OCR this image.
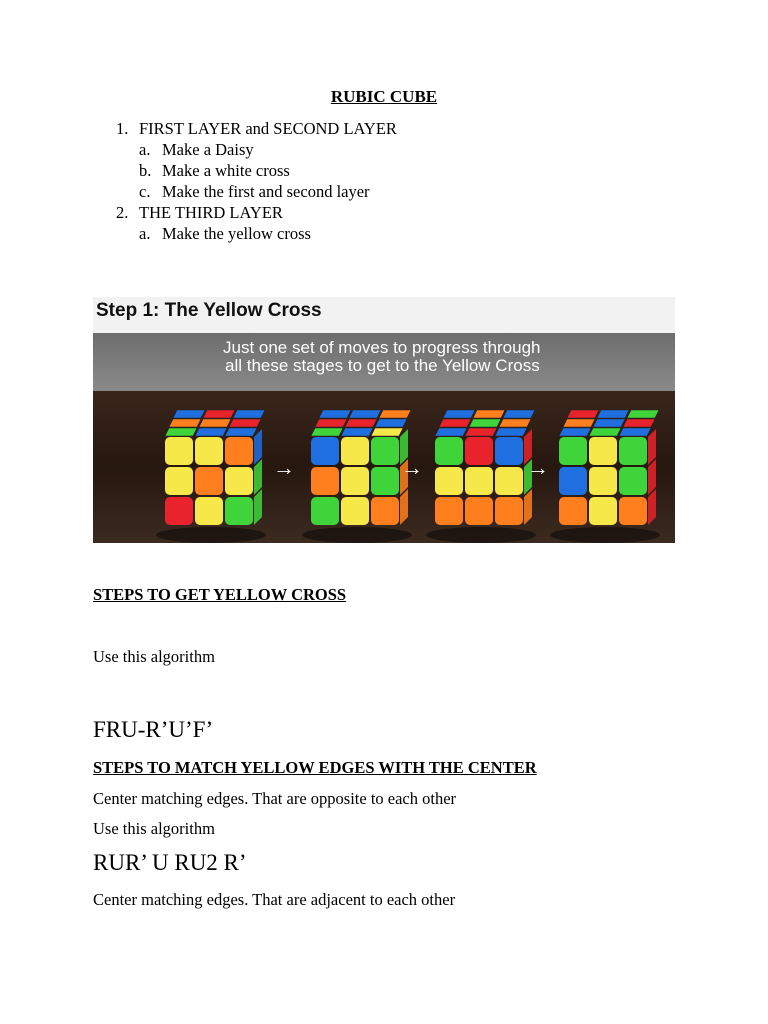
RUBIC CUBE
1. FIRST LAYER and SECOND LAYER
a. Make a Daisy
b. Make a white cross
c. Make the first and second layer
2. THE THIRD LAYER
a. Make the yellow cross
Step 1: The Yellow Cross
Just one set of moves to progress through
all these stages to get to the Yellow Cross
→	→	→
STEPS TO GET YELLOW CROSS
Use this algorithm
FRU-R’U’F’
STEPS TO MATCH YELLOW EDGES WITH THE CENTER
Center matching edges. That are opposite to each other
Use this algorithm
RUR’ U RU2 R’
Center matching edges. That are adjacent to each other
